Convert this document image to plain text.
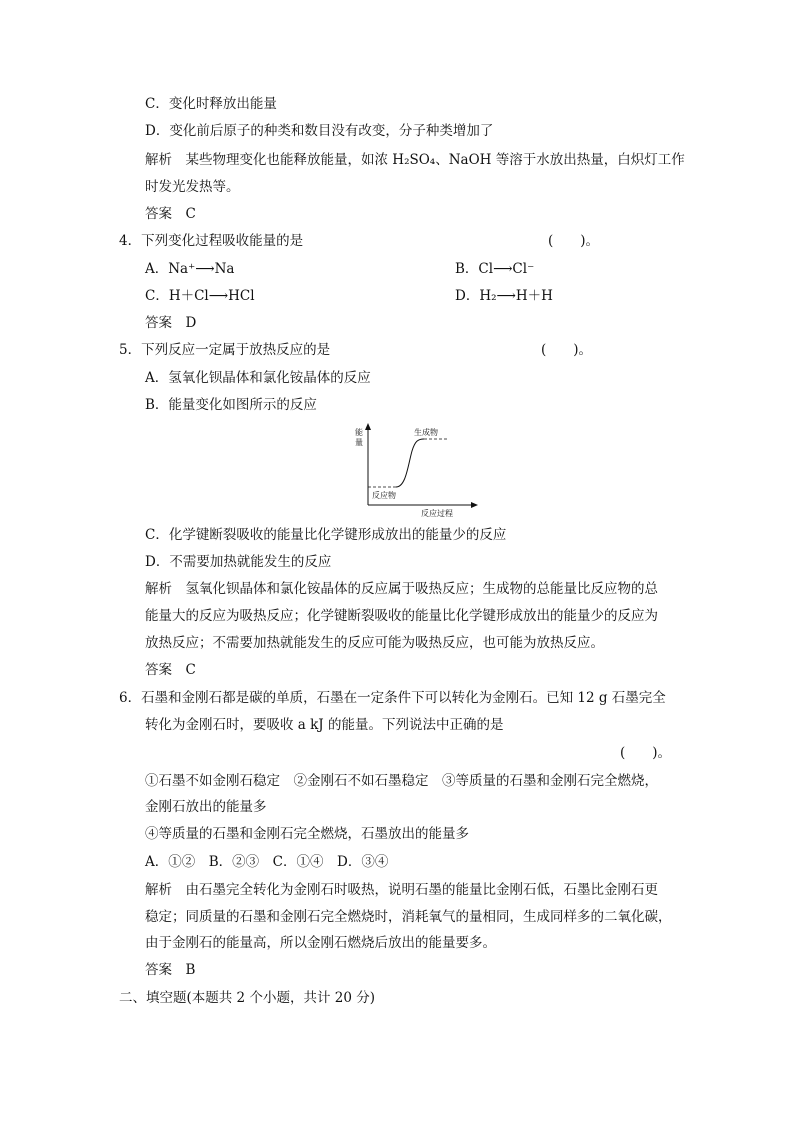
C．变化时释放出能量
D．变化前后原子的种类和数目没有改变，分子种类增加了
解析　某些物理变化也能释放能量，如浓 H₂SO₄、NaOH 等溶于水放出热量，白炽灯工作
时发光发热等。
答案　C
4．下列变化过程吸收能量的是	(　　)。
A．Na⁺⟶Na	B．Cl⟶Cl⁻
C．H＋Cl⟶HCl	D．H₂⟶H＋H
答案　D
5．下列反应一定属于放热反应的是	(　　)。
A．氢氧化钡晶体和氯化铵晶体的反应
B．能量变化如图所示的反应
能
量
生成物
反应物
反应过程
C．化学键断裂吸收的能量比化学键形成放出的能量少的反应
D．不需要加热就能发生的反应
解析　氢氧化钡晶体和氯化铵晶体的反应属于吸热反应；生成物的总能量比反应物的总
能量大的反应为吸热反应；化学键断裂吸收的能量比化学键形成放出的能量少的反应为
放热反应；不需要加热就能发生的反应可能为吸热反应，也可能为放热反应。
答案　C
6．石墨和金刚石都是碳的单质，石墨在一定条件下可以转化为金刚石。已知 12 g 石墨完全
转化为金刚石时，要吸收 a kJ 的能量。下列说法中正确的是
(　　)。
①石墨不如金刚石稳定　②金刚石不如石墨稳定　③等质量的石墨和金刚石完全燃烧，
金刚石放出的能量多
④等质量的石墨和金刚石完全燃烧，石墨放出的能量多
A．①②　B．②③　C．①④　D．③④
解析　由石墨完全转化为金刚石时吸热，说明石墨的能量比金刚石低，石墨比金刚石更
稳定；同质量的石墨和金刚石完全燃烧时，消耗氧气的量相同，生成同样多的二氧化碳，
由于金刚石的能量高，所以金刚石燃烧后放出的能量要多。
答案　B
二、填空题(本题共 2 个小题，共计 20 分)
